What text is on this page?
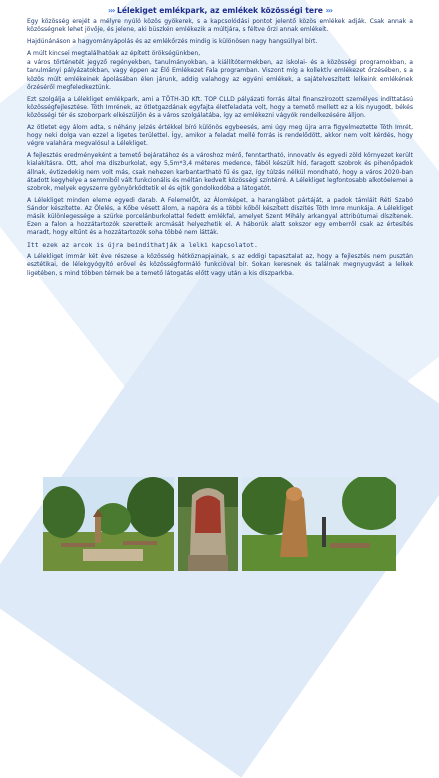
››› Lélekiget emlékpark, az emlékek közösségi tere ›››

Egy közösség erejét a mélyre nyúló közös gyökerek, s a kapcsolódási pontot jelentő közös emlékek adják. Csak annak a közösségnek lehet jövője, és jelene, aki büszkén emlékezik a múltjára, s féltve őrzi annak emlékeit.

Hajdúnánáson a hagyományápolás és az emlékőrzés mindig is különösen nagy hangsúllyal bírt.

A múlt kincsei megtalálhatóak az épített örökségünkben,

a város történetét jegyző regényekben, tanulmányokban, a kiállítótermekben, az iskolai- és a közösségi programokban, a tanulmányi pályázatokban, vagy éppen az Élő Emlékezet Fala programban. Viszont míg a kollektív emlékezet őrzésében, s a közös múlt emlékeinek ápolásában élen járunk, addig valahogy az egyéni emlékek, a sajátelveszített lelkeink emlékének őrzéséről megfeledkeztünk.

Ezt szolgálja a Lélekliget emlékpark, ami a TÖTH-3D Kft. TOP CLLD pályázati forrás által finanszírozott személyes indíttatású közösségfejlesztése. Tóth Imrének, az ötletgazdának egyfajta életfeladata volt, hogy a temető mellett ez a kis nyugodt, békés közösségi tér és szoborpark elkészüljön és a város szolgálatába, így az emlékezni vágyók rendelkezésére álljon.

Az ötletet egy álom adta, s néhány jelzés értékkel bíró különös egybeesés, ami úgy meg újra arra figyelmeztette Tóth Imrét, hogy neki dolga van ezzel a ligetes területtel. Így, amikor a feladat mellé forrás is rendelődött, akkor nem volt kérdés, hogy végre valahára megvalósul a Lélekliget.

A fejlesztés eredményeként a temető bejáratához és a városhoz mérő, fenntartható, innovatív és egyedi zöld környezet került kialakításra. Ott, ahol ma díszburkolat, egy 5,5m*3,4 méteres medence, fából készült híd, faragott szobrok és pihenőpadok állnak, évtizedekig nem volt más, csak nehezen karbantartható fű és gaz, így túlzás nélkül mondható, hogy a város 2020-ban átadott kegyhelye a semmiből vált funkcionális és méltán kedvelt közösségi színtérré. A Lélekliget legfontosabb alkotóelemei a szobrok, melyek egyszerre gyönyörködtetik el és ejtik gondolkodóba a látogatót.

A Lélekliget minden eleme egyedi darab. A FelemelŐt, az Álomképet, a haranglábot pártáját, a padok támláit Réti Szabó Sándor készítette. Az Ölelés, a Kőbe vésett álom, a napóra és a többi kőből készített díszítés Tóth Imre munkája. A Lélekliget másik különlegessége a szürke porcelánburkolattal fedett emlékfal, amelyet Szent Mihály arkangyal attribútumai díszítenek. Ezen a falon a hozzátartozók szeretteik arcmását helyezhetik el. A háborúk alatt sokszor egy emberről csak az értesítés maradt, hogy eltűnt és a hozzátartozók soha többé nem látták.

Itt ezek az arcok is újra beindíthatják a lelki kapcsolatot.

A Lélekliget immár két éve részese a közösség hétköznapjainak, s az eddigi tapasztalat az, hogy a fejlesztés nem pusztán esztétikai, de lélekgyógyító erővel és közösségformáló funkcióval bír. Sokan keresnek és találnak megnyugvást a lelkek ligetében, s mind többen térnek be a temető látogatás előtt vagy után a kis díszparkba.
